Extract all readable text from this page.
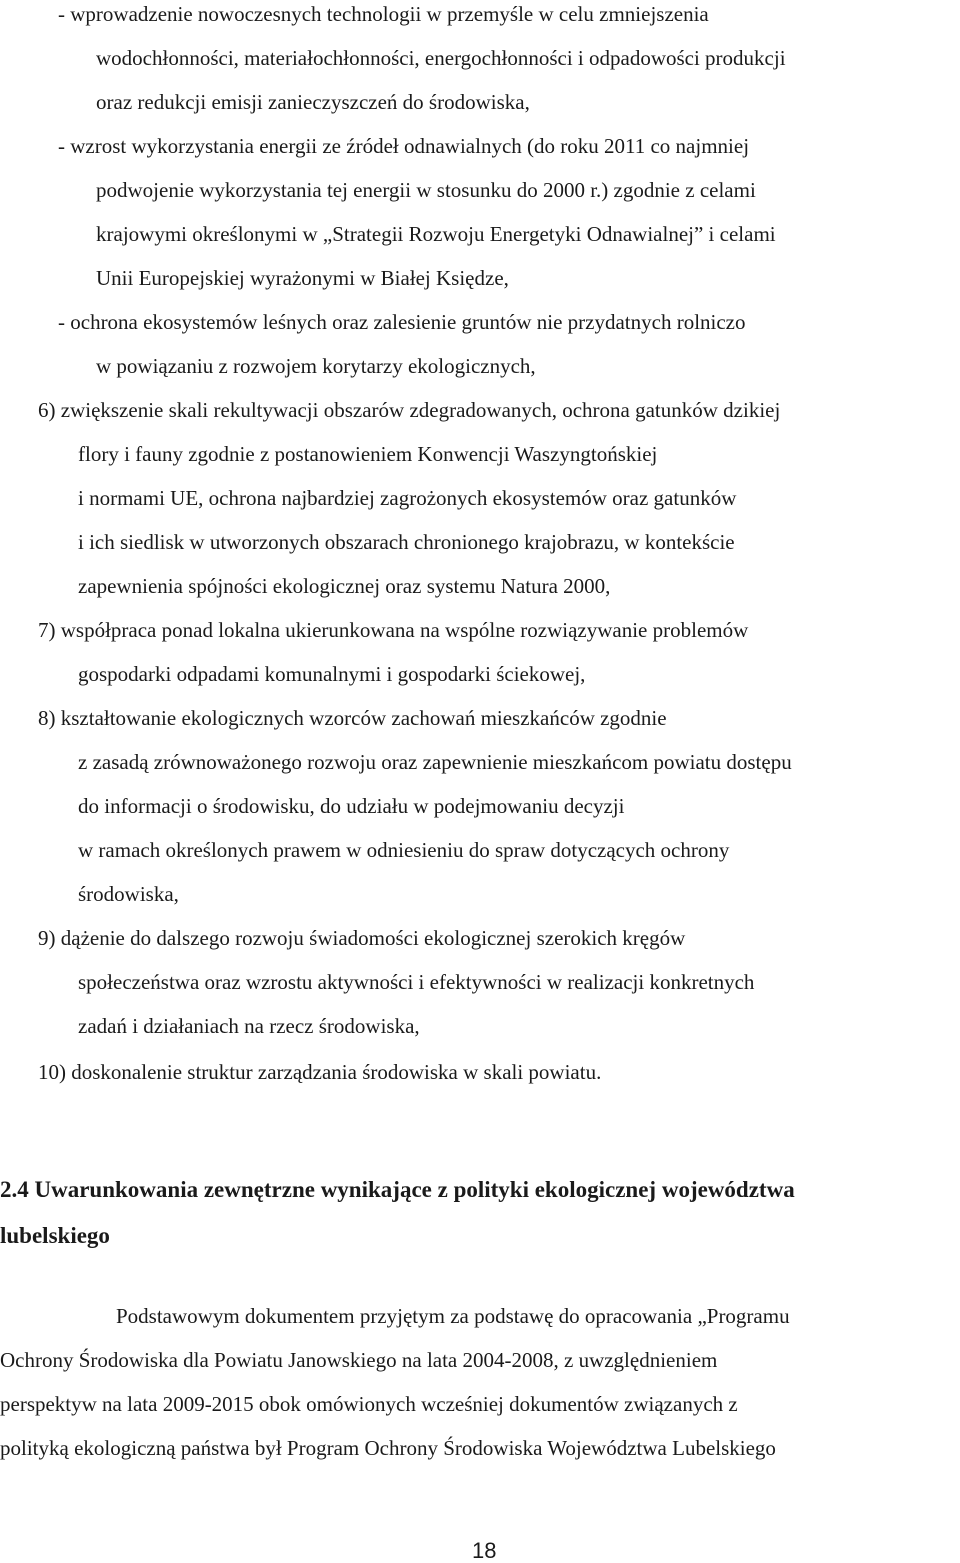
- wprowadzenie nowoczesnych technologii w przemyśle w celu zmniejszenia
wodochłonności, materiałochłonności, energochłonności i odpadowości produkcji
oraz redukcji emisji zanieczyszczeń do środowiska,
- wzrost wykorzystania energii ze źródeł odnawialnych (do roku 2011 co najmniej
podwojenie wykorzystania tej energii w stosunku do 2000 r.) zgodnie z celami
krajowymi określonymi w „Strategii Rozwoju Energetyki Odnawialnej” i celami
Unii Europejskiej wyrażonymi w Białej Księdze,
- ochrona ekosystemów leśnych oraz zalesienie gruntów nie przydatnych rolniczo
w powiązaniu z rozwojem korytarzy ekologicznych,
6) zwiększenie skali rekultywacji obszarów zdegradowanych, ochrona gatunków dzikiej
flory i fauny zgodnie z postanowieniem Konwencji Waszyngtońskiej
i normami UE, ochrona najbardziej zagrożonych ekosystemów oraz gatunków
i ich siedlisk w utworzonych obszarach chronionego krajobrazu, w kontekście
zapewnienia spójności ekologicznej oraz systemu Natura 2000,
7) współpraca ponad lokalna ukierunkowana na wspólne rozwiązywanie problemów
gospodarki odpadami komunalnymi i gospodarki ściekowej,
8) kształtowanie ekologicznych wzorców zachowań mieszkańców zgodnie
z zasadą zrównoważonego rozwoju oraz zapewnienie mieszkańcom powiatu dostępu
do informacji o środowisku, do udziału w podejmowaniu decyzji
w ramach określonych prawem w odniesieniu do spraw dotyczących ochrony
środowiska,
9) dążenie do dalszego rozwoju świadomości ekologicznej szerokich kręgów
społeczeństwa oraz wzrostu aktywności i efektywności w realizacji konkretnych
zadań i działaniach na rzecz środowiska,
10) doskonalenie struktur zarządzania środowiska w skali powiatu.
2.4 Uwarunkowania zewnętrzne wynikające z polityki ekologicznej województwa
lubelskiego
Podstawowym dokumentem przyjętym za podstawę do opracowania „Programu
Ochrony Środowiska dla Powiatu Janowskiego na lata 2004-2008, z uwzględnieniem
perspektyw na lata 2009-2015 obok omówionych wcześniej dokumentów związanych z
polityką ekologiczną państwa był Program Ochrony Środowiska Województwa Lubelskiego
18
